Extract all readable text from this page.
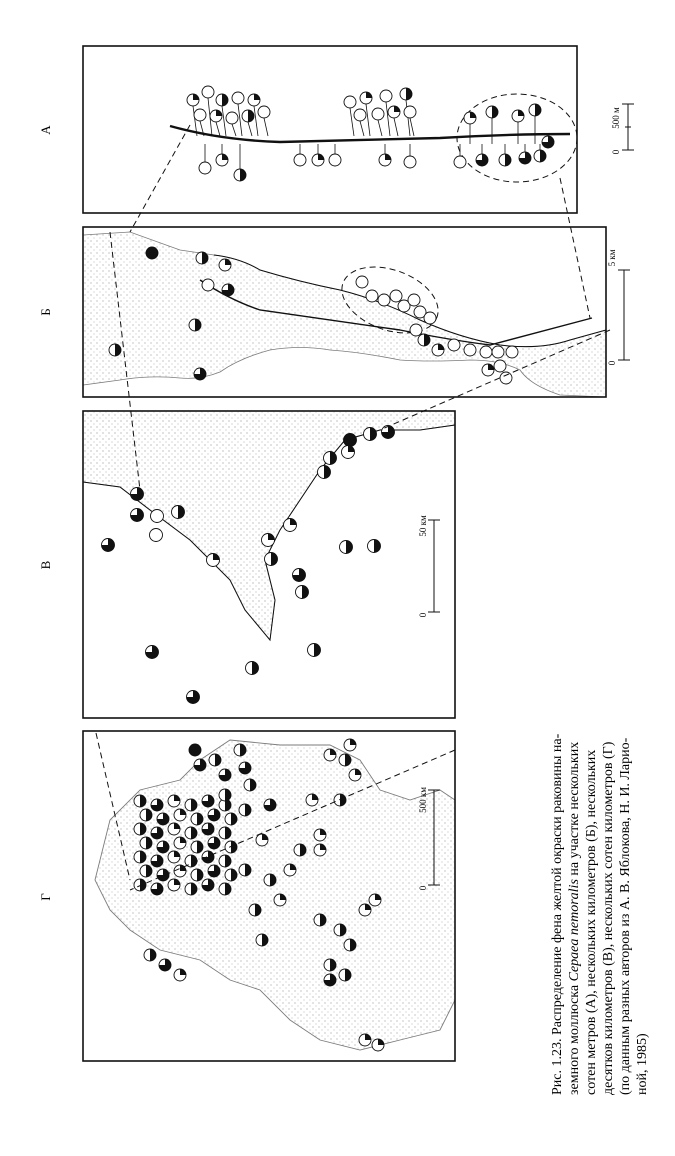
А
Б
В
Г
500 м
0
5 км
0
50 км
0
500 км
0	Рис. 1.23. Распределение фена желтой окраски раковины на- земного моллюска Cepaea nemoralis на участке нескольких сотен метров (А), нескольких километров (Б), нескольких десятков километров (В), нескольких сотен километров (Г) (по данным разных авторов из А. В. Яблокова, Н. И. Ларио- ной, 1985)
